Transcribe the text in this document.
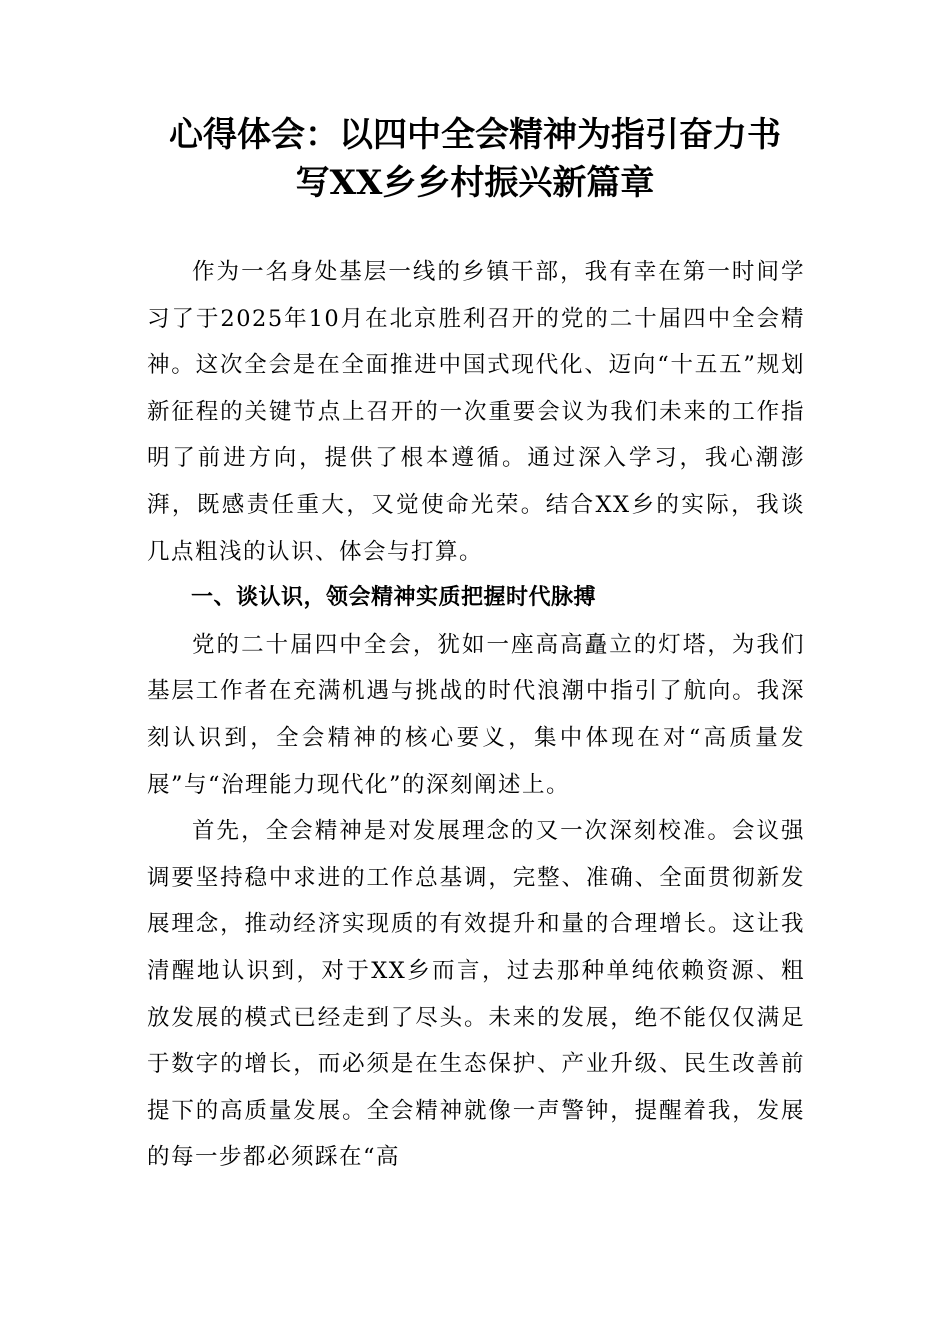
心得体会：以四中全会精神为指引奋力书
写XX乡乡村振兴新篇章

作为一名身处基层一线的乡镇干部，我有幸在第一时间学习了于2025年10月在北京胜利召开的党的二十届四中全会精神。这次全会是在全面推进中国式现代化、迈向“十五五”规划新征程的关键节点上召开的一次重要会议为我们未来的工作指明了前进方向，提供了根本遵循。通过深入学习，我心潮澎湃，既感责任重大，又觉使命光荣。结合XX乡的实际，我谈几点粗浅的认识、体会与打算。

一、谈认识，领会精神实质把握时代脉搏

党的二十届四中全会，犹如一座高高矗立的灯塔，为我们基层工作者在充满机遇与挑战的时代浪潮中指引了航向。我深刻认识到，全会精神的核心要义，集中体现在对“高质量发展”与“治理能力现代化”的深刻阐述上。

首先，全会精神是对发展理念的又一次深刻校准。会议强调要坚持稳中求进的工作总基调，完整、准确、全面贯彻新发展理念，推动经济实现质的有效提升和量的合理增长。这让我清醒地认识到，对于XX乡而言，过去那种单纯依赖资源、粗放发展的模式已经走到了尽头。未来的发展，绝不能仅仅满足于数字的增长，而必须是在生态保护、产业升级、民生改善前提下的高质量发展。全会精神就像一声警钟，提醒着我，发展的每一步都必须踩在“高
